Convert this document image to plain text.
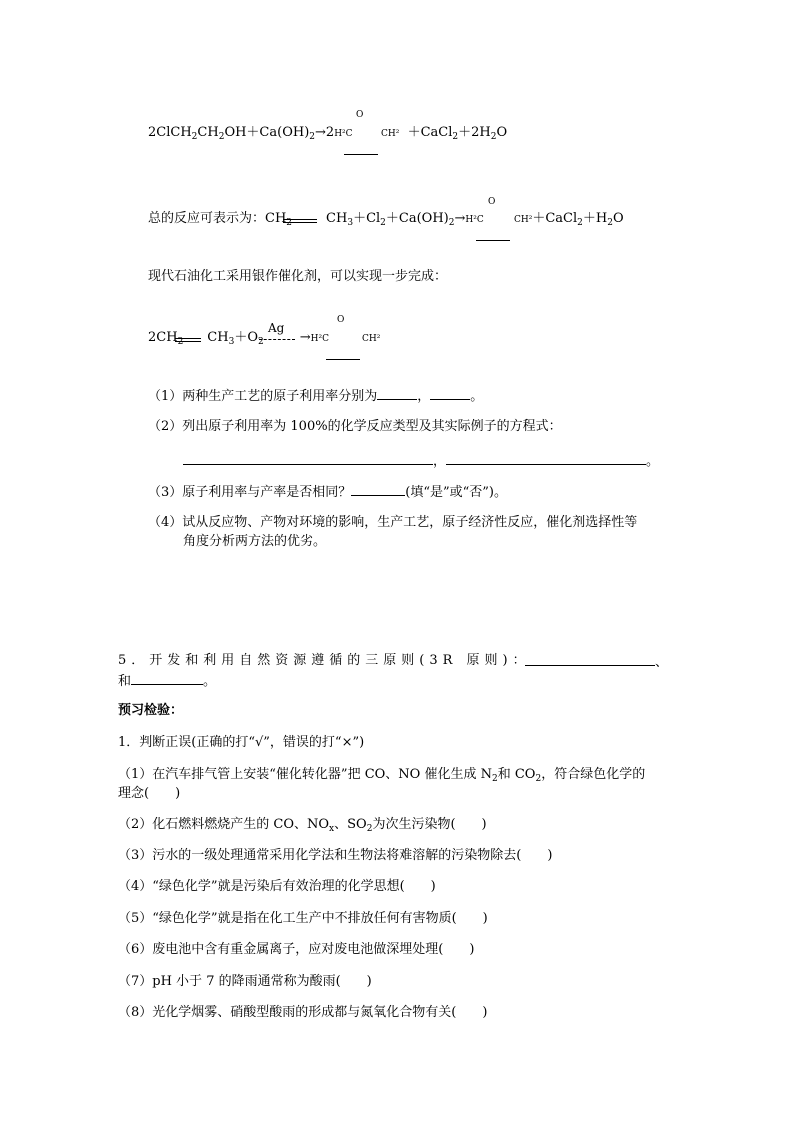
O
$2ClCH_2CH_2OH+Ca(OH)_2\to 2H^2C$	$CH^2 +CaCl_2+2H_2O$
O
总的反应可表示为：$CH_2$	$CH_3+Cl_2+Ca(OH)_2\to H^2C$	$CH^2+CaCl_2+H_2O$
现代石油化工采用银作催化剂，可以实现一步完成：
Ag
O
$2CH_2$ $CH_3+O_2$	→H²C	CH²
（1）两种生产工艺的原子利用率分别为	，	。
（2）列出原子利用率为 100%的化学反应类型及其实际例子的方程式：
，	。
（3）原子利用率与产率是否相同？	(填“是”或“否”)。
（4）试从反应物、产物对环境的影响，生产工艺，原子经济性反应，催化剂选择性等
角度分析两方法的优劣。
5．开发和利用自然资源遵循的三原则(3R 原则)：	、
和	。
预习检验：
1．判断正误(正确的打“√”，错误的打“×”)
（1）在汽车排气管上安装“催化转化器”把 CO、NO 催化生成 $N_2$和 $CO_2$，符合绿色化学的
理念(　　)
（2）化石燃料燃烧产生的 CO、$NO_x$、$SO_2$为次生污染物(　　)
（3）污水的一级处理通常采用化学法和生物法将难溶解的污染物除去(　　)
（4）“绿色化学”就是污染后有效治理的化学思想(　　)
（5）“绿色化学”就是指在化工生产中不排放任何有害物质(　　)
（6）废电池中含有重金属离子，应对废电池做深埋处理(　　)
（7）pH 小于 7 的降雨通常称为酸雨(　　)
（8）光化学烟雾、硝酸型酸雨的形成都与氮氧化合物有关(　　)
